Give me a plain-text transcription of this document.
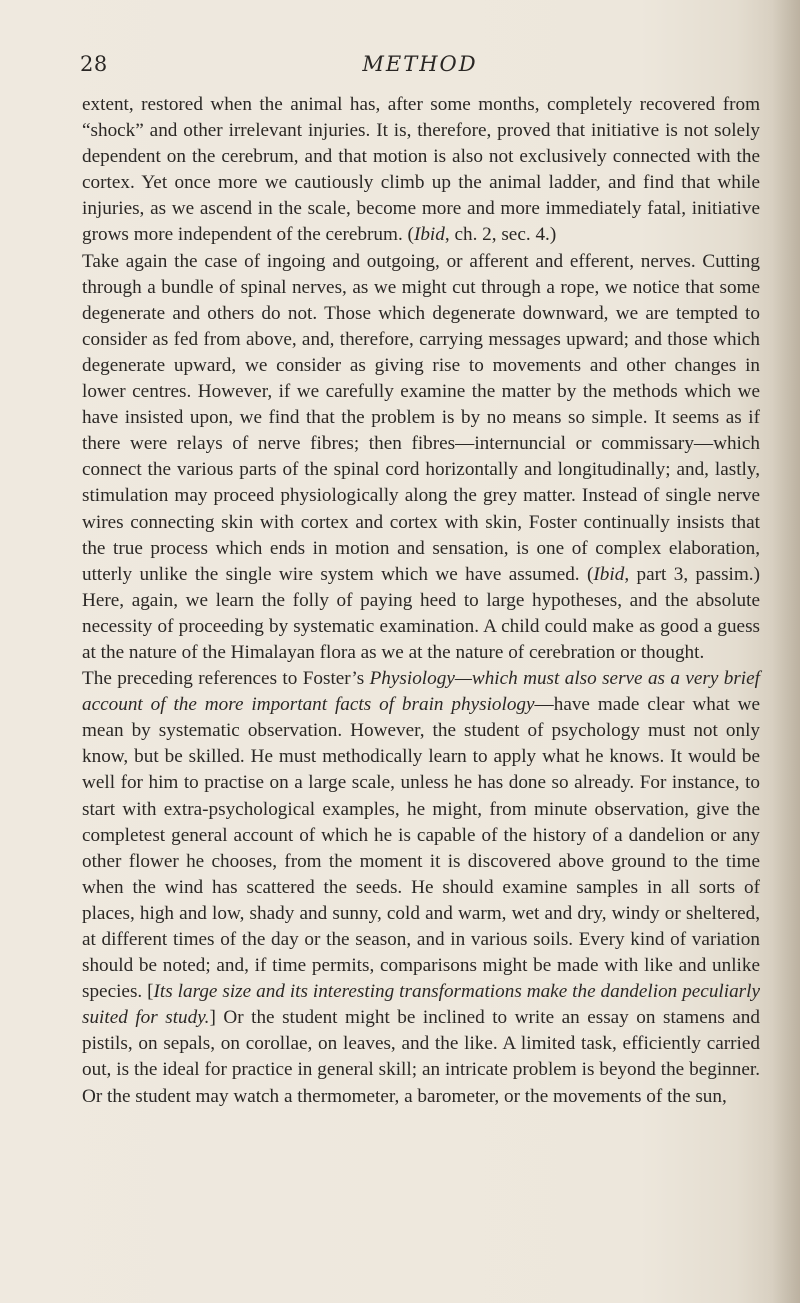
28	METHOD

extent, restored when the animal has, after some months, completely recovered from “shock” and other irrelevant injuries. It is, therefore, proved that initiative is not solely dependent on the cerebrum, and that motion is also not exclusively connected with the cortex. Yet once more we cautiously climb up the animal ladder, and find that while injuries, as we ascend in the scale, become more and more immediately fatal, initiative grows more independent of the cerebrum. (Ibid, ch. 2, sec. 4.)

Take again the case of ingoing and outgoing, or afferent and efferent, nerves. Cutting through a bundle of spinal nerves, as we might cut through a rope, we notice that some degenerate and others do not. Those which degenerate downward, we are tempted to consider as fed from above, and, therefore, carrying messages upward; and those which degenerate upward, we consider as giving rise to movements and other changes in lower centres. However, if we carefully examine the matter by the methods which we have insisted upon, we find that the problem is by no means so simple. It seems as if there were relays of nerve fibres; then fibres—internuncial or commissary—which connect the various parts of the spinal cord horizontally and longitudinally; and, lastly, stimulation may proceed physiologically along the grey matter. Instead of single nerve wires connecting skin with cortex and cortex with skin, Foster continually insists that the true process which ends in motion and sensation, is one of complex elaboration, utterly unlike the single wire system which we have assumed. (Ibid, part 3, passim.) Here, again, we learn the folly of paying heed to large hypotheses, and the absolute necessity of proceeding by systematic examination. A child could make as good a guess at the nature of the Himalayan flora as we at the nature of cerebration or thought.

The preceding references to Foster’s Physiology—which must also serve as a very brief account of the more important facts of brain physiology—have made clear what we mean by systematic observation. However, the student of psychology must not only know, but be skilled. He must methodically learn to apply what he knows. It would be well for him to practise on a large scale, unless he has done so already. For instance, to start with extra-psychological examples, he might, from minute observation, give the completest general account of which he is capable of the history of a dandelion or any other flower he chooses, from the moment it is discovered above ground to the time when the wind has scattered the seeds. He should examine samples in all sorts of places, high and low, shady and sunny, cold and warm, wet and dry, windy or sheltered, at different times of the day or the season, and in various soils. Every kind of variation should be noted; and, if time permits, comparisons might be made with like and unlike species. [Its large size and its interesting transformations make the dandelion peculiarly suited for study.] Or the student might be inclined to write an essay on stamens and pistils, on sepals, on corollae, on leaves, and the like. A limited task, efficiently carried out, is the ideal for practice in general skill; an intricate problem is beyond the beginner. Or the student may watch a thermometer, a barometer, or the movements of the sun,
